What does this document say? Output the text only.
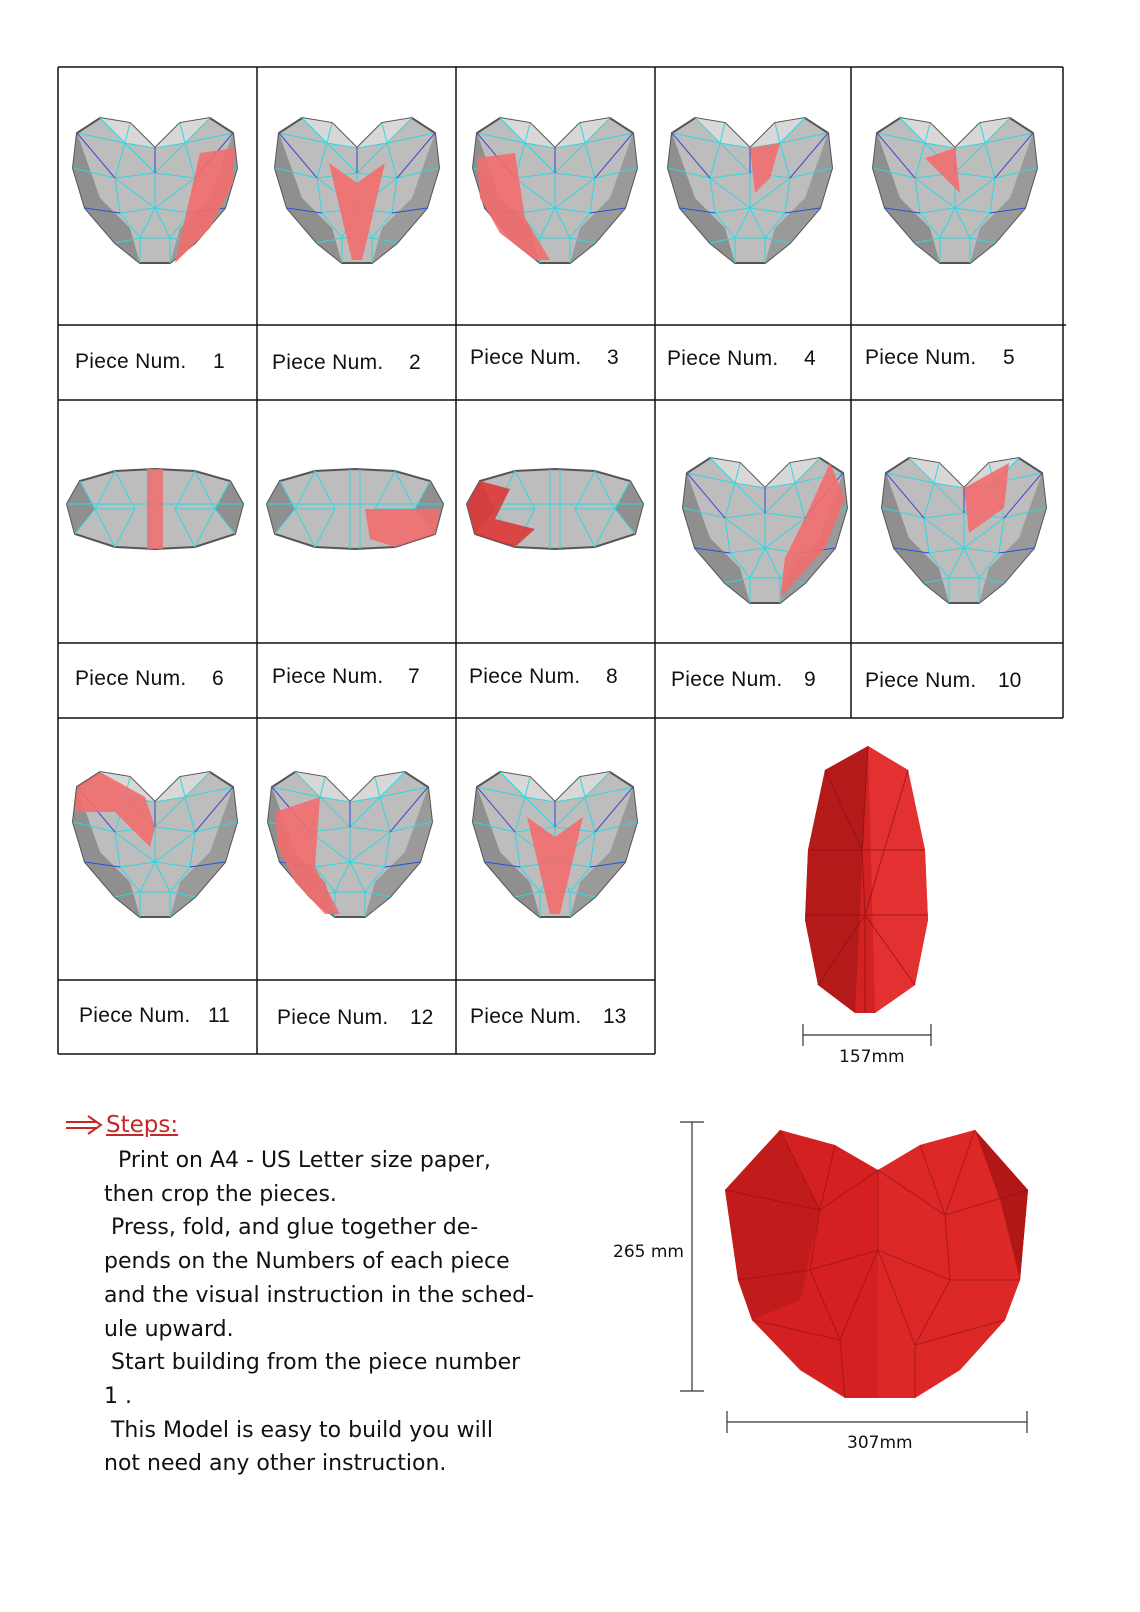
Piece Num. 1 Piece Num. 2 Piece Num. 3 Piece Num. 4 Piece Num. 5
Piece Num. 6 Piece Num. 7 Piece Num. 8	Piece Num. 9 Piece Num. 10
Piece Num. 11 Piece Num. 12 Piece Num. 13
157mm
265 mm
307mm
Steps:

Print on A4 - US Letter size paper,

then crop the pieces.

Press, fold, and glue together de-

pends on the Numbers of each piece

and the visual instruction in the sched-

ule upward.

Start building from the piece number

1 .

This Model is easy to build you will

not need any other instruction.
